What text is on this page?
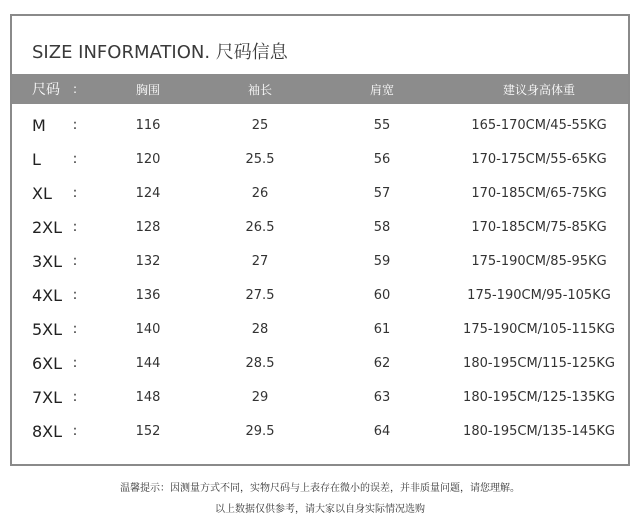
SIZE INFORMATION. 尺码信息
尺码	:	胸围	袖长	肩宽	建议身高体重
M	:	116	25	55	165-170CM/45-55KG
L	:	120	25.5	56	170-175CM/55-65KG
XL	:	124	26	57	170-185CM/65-75KG
2XL :	128	26.5	58	170-185CM/75-85KG
3XL :	132	27	59	175-190CM/85-95KG
4XL :	136	27.5	60	175-190CM/95-105KG
5XL :	140	28	61	175-190CM/105-115KG
6XL :	144	28.5	62	180-195CM/115-125KG
7XL :	148	29	63	180-195CM/125-135KG
8XL :	152	29.5	64	180-195CM/135-145KG
温馨提示：因测量方式不同，实物尺码与上表存在微小的误差，并非质量问题，请您理解。
以上数据仅供参考，请大家以自身实际情况选购
